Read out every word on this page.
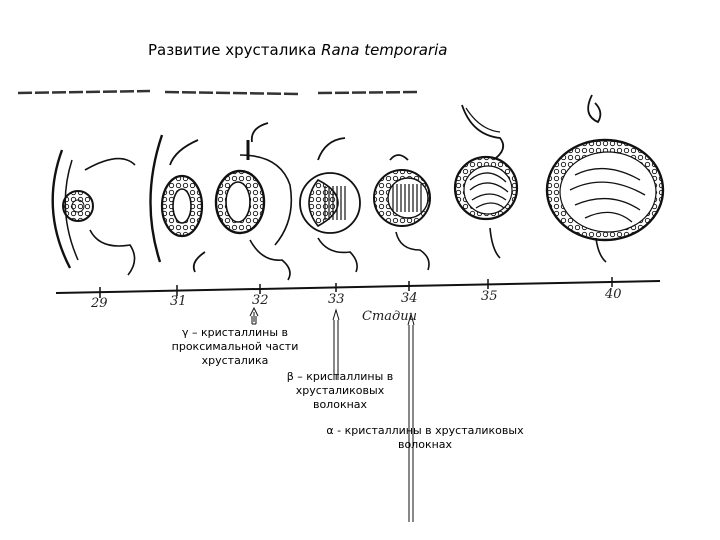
Развитие хрусталика Rana temporaria
29	31	32	33	34	35	40
Стадии
γ – кристаллины в
проксимальной части
хрусталика
β – кристаллины в
хрусталиковых
волокнах
α - кристаллины в хрусталиковых
волокнах
